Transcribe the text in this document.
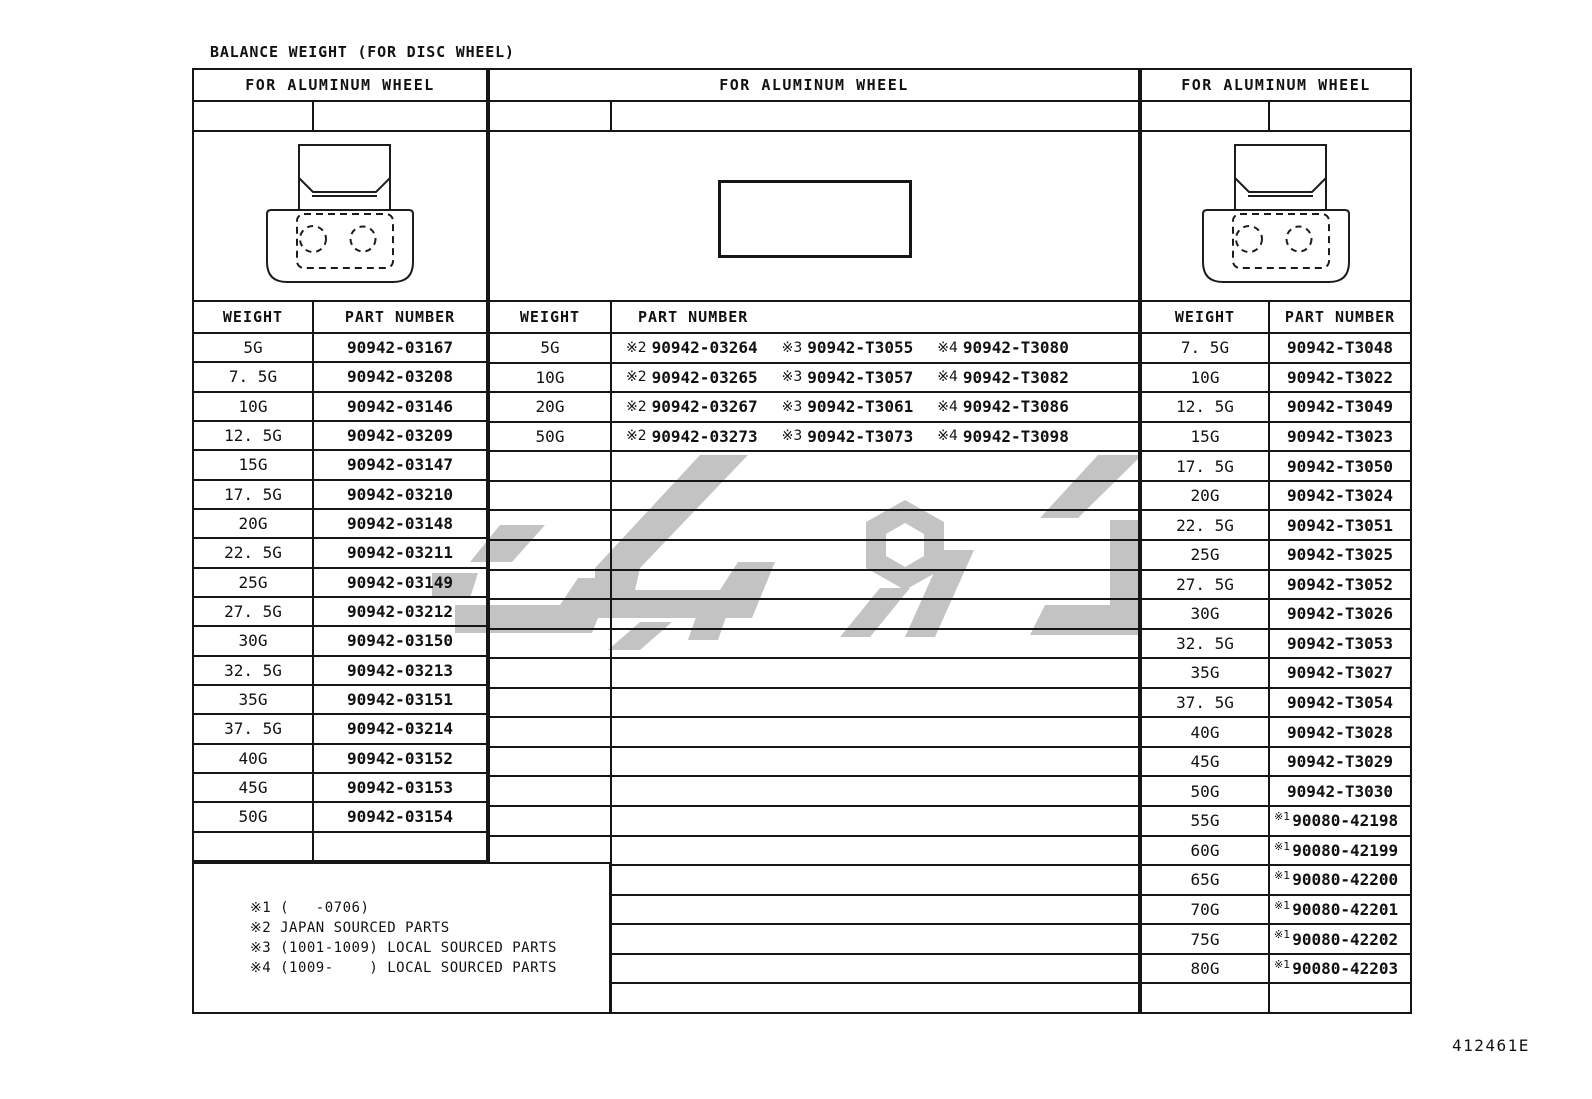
BALANCE WEIGHT (FOR DISC WHEEL)
FOR ALUMINUM WHEEL
WEIGHT	PART NUMBER
5G	90942-03167
7. 5G	90942-03208
10G	90942-03146
12. 5G	90942-03209
15G	90942-03147
17. 5G	90942-03210
20G	90942-03148
22. 5G	90942-03211
25G	90942-03149
27. 5G	90942-03212
30G	90942-03150
32. 5G	90942-03213
35G	90942-03151
37. 5G	90942-03214
40G	90942-03152
45G	90942-03153
50G	90942-03154
FOR ALUMINUM WHEEL
WEIGHT	PART NUMBER
5G	※2 90942-03264 ※3 90942-T3055 ※4 90942-T3080
10G	※2 90942-03265 ※3 90942-T3057 ※4 90942-T3082
20G	※2 90942-03267 ※3 90942-T3061 ※4 90942-T3086
50G	※2 90942-03273 ※3 90942-T3073 ※4 90942-T3098
FOR ALUMINUM WHEEL
WEIGHT	PART NUMBER
7. 5G	90942-T3048
10G	90942-T3022
12. 5G	90942-T3049
15G	90942-T3023
17. 5G	90942-T3050
20G	90942-T3024
22. 5G	90942-T3051
25G	90942-T3025
27. 5G	90942-T3052
30G	90942-T3026
32. 5G	90942-T3053
35G	90942-T3027
37. 5G	90942-T3054
40G	90942-T3028
45G	90942-T3029
50G	90942-T3030
55G	※1 90080-42198
60G	※1 90080-42199
65G	※1 90080-42200
70G	※1 90080-42201
75G	※1 90080-42202
80G	※1 90080-42203
※1 (   -0706)
※2 JAPAN SOURCED PARTS
※3 (1001-1009) LOCAL SOURCED PARTS
※4 (1009-    ) LOCAL SOURCED PARTS
412461E
